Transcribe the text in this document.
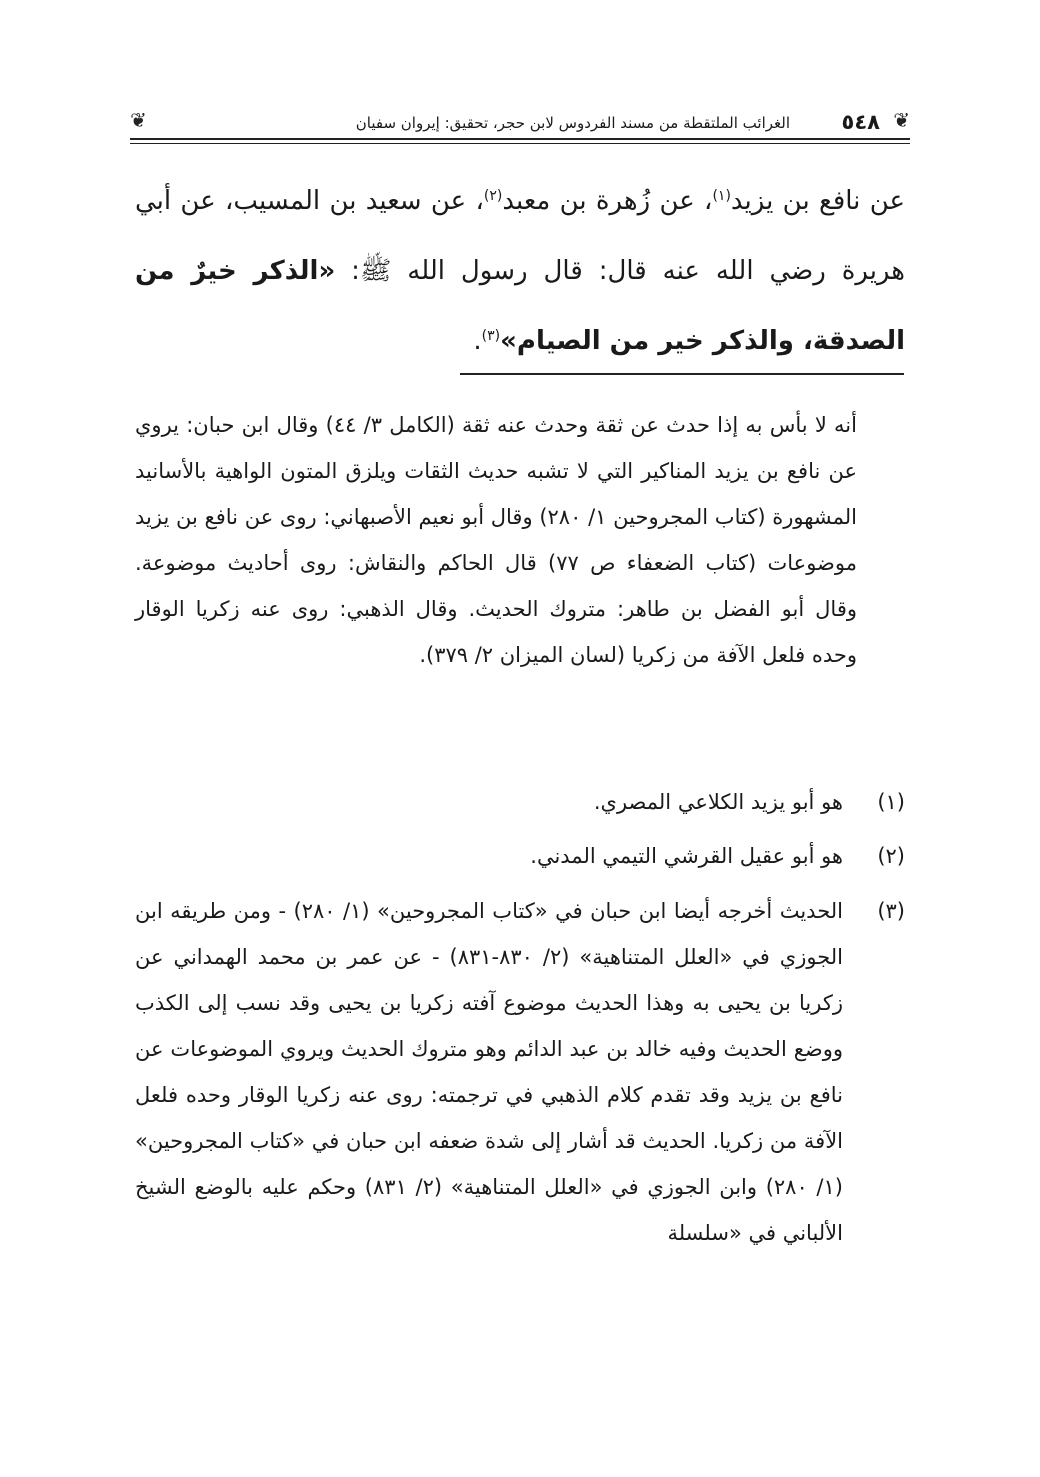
❦
٥٤٨
الغرائب الملتقطة من مسند الفردوس لابن حجر، تحقيق: إيروان سفيان
❦
عن نافع بن يزيد$^{(١)}$، عن زُهرة بن معبد$^{(٢)}$، عن سعيد بن المسيب، عن أبي هريرة رضي الله عنه قال: قال رسول الله ﷺ: «الذكر خيرٌ من الصدقة، والذكر خير من الصيام»$^{(٣)}$.
أنه لا بأس به إذا حدث عن ثقة وحدث عنه ثقة (الكامل ٣/ ٤٤) وقال ابن حبان: يروي عن نافع بن يزيد المناكير التي لا تشبه حديث الثقات ويلزق المتون الواهية بالأسانيد المشهورة (كتاب المجروحين ١/ ٢٨٠) وقال أبو نعيم الأصبهاني: روى عن نافع بن يزيد موضوعات (كتاب الضعفاء ص ٧٧) قال الحاكم والنقاش: روى أحاديث موضوعة. وقال أبو الفضل بن طاهر: متروك الحديث. وقال الذهبي: روى عنه زكريا الوقار وحده فلعل الآفة من زكريا (لسان الميزان ٢/ ٣٧٩).
(١)
هو أبو يزيد الكلاعي المصري.
(٢)
هو أبو عقيل القرشي التيمي المدني.
(٣)
الحديث أخرجه أيضا ابن حبان في «كتاب المجروحين» (١/ ٢٨٠) - ومن طريقه ابن الجوزي في «العلل المتناهية» (٢/ ٨٣٠-٨٣١) - عن عمر بن محمد الهمداني عن زكريا بن يحيى به وهذا الحديث موضوع آفته زكريا بن يحيى وقد نسب إلى الكذب ووضع الحديث وفيه خالد بن عبد الدائم وهو متروك الحديث ويروي الموضوعات عن نافع بن يزيد وقد تقدم كلام الذهبي في ترجمته: روى عنه زكريا الوقار وحده فلعل الآفة من زكريا. الحديث قد أشار إلى شدة ضعفه ابن حبان في «كتاب المجروحين» (١/ ٢٨٠) وابن الجوزي في «العلل المتناهية» (٢/ ٨٣١) وحكم عليه بالوضع الشيخ الألباني في «سلسلة
